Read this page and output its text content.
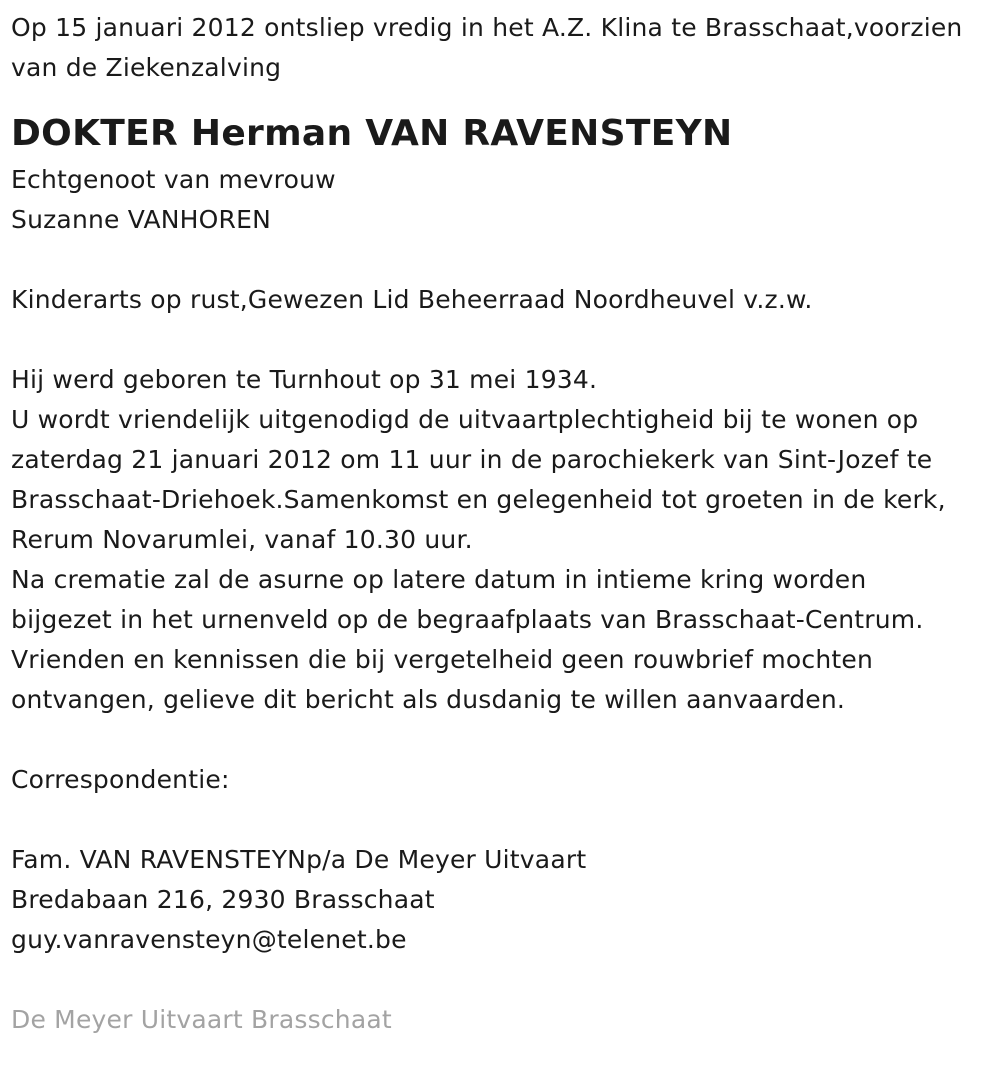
Op 15 januari 2012 ontsliep vredig in het A.Z. Klina te Brasschaat,voorzien
van de Ziekenzalving
DOKTER Herman VAN RAVENSTEYN
Echtgenoot van mevrouw
Suzanne VANHOREN
Kinderarts op rust,Gewezen Lid Beheerraad Noordheuvel v.z.w.
Hij werd geboren te Turnhout op 31 mei 1934.
U wordt vriendelijk uitgenodigd de uitvaartplechtigheid bij te wonen op
zaterdag 21 januari 2012 om 11 uur in de parochiekerk van Sint-Jozef te
Brasschaat-Driehoek.Samenkomst en gelegenheid tot groeten in de kerk,
Rerum Novarumlei, vanaf 10.30 uur.
Na crematie zal de asurne op latere datum in intieme kring worden
bijgezet in het urnenveld op de begraafplaats van Brasschaat-Centrum.
Vrienden en kennissen die bij vergetelheid geen rouwbrief mochten
ontvangen, gelieve dit bericht als dusdanig te willen aanvaarden.
Correspondentie:
Fam. VAN RAVENSTEYNp/a De Meyer Uitvaart
Bredabaan 216, 2930 Brasschaat
guy.vanravensteyn@telenet.be
De Meyer Uitvaart Brasschaat
